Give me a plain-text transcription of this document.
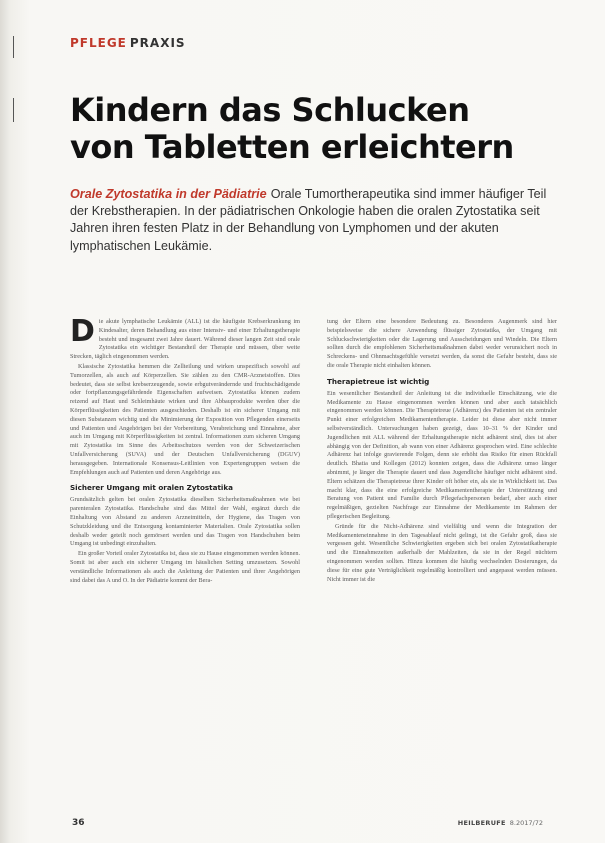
PFLEGE PRAXIS
Kindern das Schlucken
von Tabletten erleichtern
Orale Zytostatika in der Pädiatrie Orale Tumortherapeutika sind immer häufiger Teil der Krebstherapien. In der pädiatrischen Onkologie haben die oralen Zytostatika seit Jahren ihren festen Platz in der Behandlung von Lymphomen und der akuten lymphatischen Leukämie.

Die akute lymphatische Leukämie (ALL) ist die häufigste Krebserkrankung im Kindesalter, deren Behandlung aus einer Intensiv- und einer Erhaltungstherapie besteht und insgesamt zwei Jahre dauert. Während dieser langen Zeit sind orale Zytostatika ein wichtiger Bestandteil der Therapie und müssen, über weite Strecken, täglich eingenommen werden.

Klassische Zytostatika hemmen die Zellteilung und wirken unspezifisch sowohl auf Tumorzellen, als auch auf Körperzellen. Sie zählen zu den CMR-Arzneistoffen. Dies bedeutet, dass sie selbst krebserzeugende, sowie erbgutverändernde und fruchtschädigende oder fortpflanzungsgefährdende Eigenschaften aufweisen. Zytostatika können zudem reizend auf Haut und Schleimhäute wirken und ihre Abbauprodukte werden über die Körperflüssigkeiten des Patienten ausgeschieden. Deshalb ist ein sicherer Umgang mit diesen Substanzen wichtig und die Minimierung der Exposition von Pflegenden einerseits und Patienten und Angehörigen bei der Vorbereitung, Verabreichung und Einnahme, aber auch im Umgang mit Körperflüssigkeiten ist zentral. Informationen zum sicheren Umgang mit Zytostatika im Sinne des Arbeitsschutzes werden von der Schweizerischen Unfallversicherung (SUVA) und der Deutschen Unfallversicherung (DGUV) herausgegeben. Internationale Konsensus-Leitlinien von Expertengruppen weisen die Empfehlungen auch auf Patienten und deren Angehörige aus.

Sicherer Umgang mit oralen Zytostatika

Grundsätzlich gelten bei oralen Zytostatika dieselben Sicherheitsmaßnahmen wie bei parenteralen Zytostatika. Handschuhe sind das Mittel der Wahl, ergänzt durch die Einhaltung von Abstand zu anderen Arzneimitteln, der Hygiene, das Tragen von Schutzkleidung und die Entsorgung kontaminierter Materialien. Orale Zytostatika sollen deshalb weder geteilt noch gemörsert werden und das Tragen von Handschuhen beim Umgang ist unbedingt einzuhalten.

Ein großer Vorteil oraler Zytostatika ist, dass sie zu Hause eingenommen werden können. Somit ist aber auch ein sicherer Umgang im häuslichen Setting umzusetzen. Sowohl verständliche Informationen als auch die Anleitung der Patienten und ihrer Angehörigen sind dabei das A und O. In der Pädiatrie kommt der Bera-

tung der Eltern eine besondere Bedeutung zu. Besonderes Augenmerk sind hier beispielsweise die sichere Anwendung flüssiger Zytostatika, der Umgang mit Schluckschwierigkeiten oder die Lagerung und Ausscheidungen und Windeln. Die Eltern sollten durch die empfohlenen Sicherheitsmaßnahmen dabei weder verunsichert noch in Schreckens- und Ohnmachtsgefühle versetzt werden, da sonst die Gefahr besteht, dass sie die orale Therapie nicht einhalten können.

Therapietreue ist wichtig

Ein wesentlicher Bestandteil der Anleitung ist die individuelle Einschätzung, wie die Medikamente zu Hause eingenommen werden können und aber auch tatsächlich eingenommen werden können. Die Therapietreue (Adhärenz) des Patienten ist ein zentraler Punkt einer erfolgreichen Medikamententherapie. Leider ist diese aber nicht immer selbstverständlich. Untersuchungen haben gezeigt, dass 10–31 % der Kinder und Jugendlichen mit ALL während der Erhaltungstherapie nicht adhärent sind, dies ist aber abhängig von der Definition, ab wann von einer Adhärenz gesprochen wird. Eine schlechte Adhärenz hat infolge gravierende Folgen, denn sie erhöht das Risiko für einen Rückfall deutlich. Bhatia und Kollegen (2012) konnten zeigen, dass die Adhärenz umso länger abnimmt, je länger die Therapie dauert und dass Jugendliche häufiger nicht adhärent sind. Eltern schätzen die Therapietreue ihrer Kinder oft höher ein, als sie in Wirklichkeit ist. Das macht klar, dass die eine erfolgreiche Medikamententherapie der Unterstützung und Beratung von Patient und Familie durch Pflegefachpersonen bedarf, aber auch einer regelmäßigen, gezielten Nachfrage zur Einnahme der Medikamente im Rahmen der pflegerischen Begleitung.

Gründe für die Nicht-Adhärenz sind vielfältig und wenn die Integration der Medikamenteneinnahme in den Tagesablauf nicht gelingt, ist die Gefahr groß, dass sie vergessen geht. Wesentliche Schwierigkeiten ergeben sich bei oralen Zytostatikatherapie und die Einnahmezeiten außerhalb der Mahlzeiten, da sie in der Regel nüchtern eingenommen werden sollten. Hinzu kommen die häufig wechselnden Dosierungen, da diese für eine gute Verträglichkeit regelmäßig kontrolliert und angepasst werden müssen. Nicht immer ist die

36	HEILBERUFE 8.2017/72
